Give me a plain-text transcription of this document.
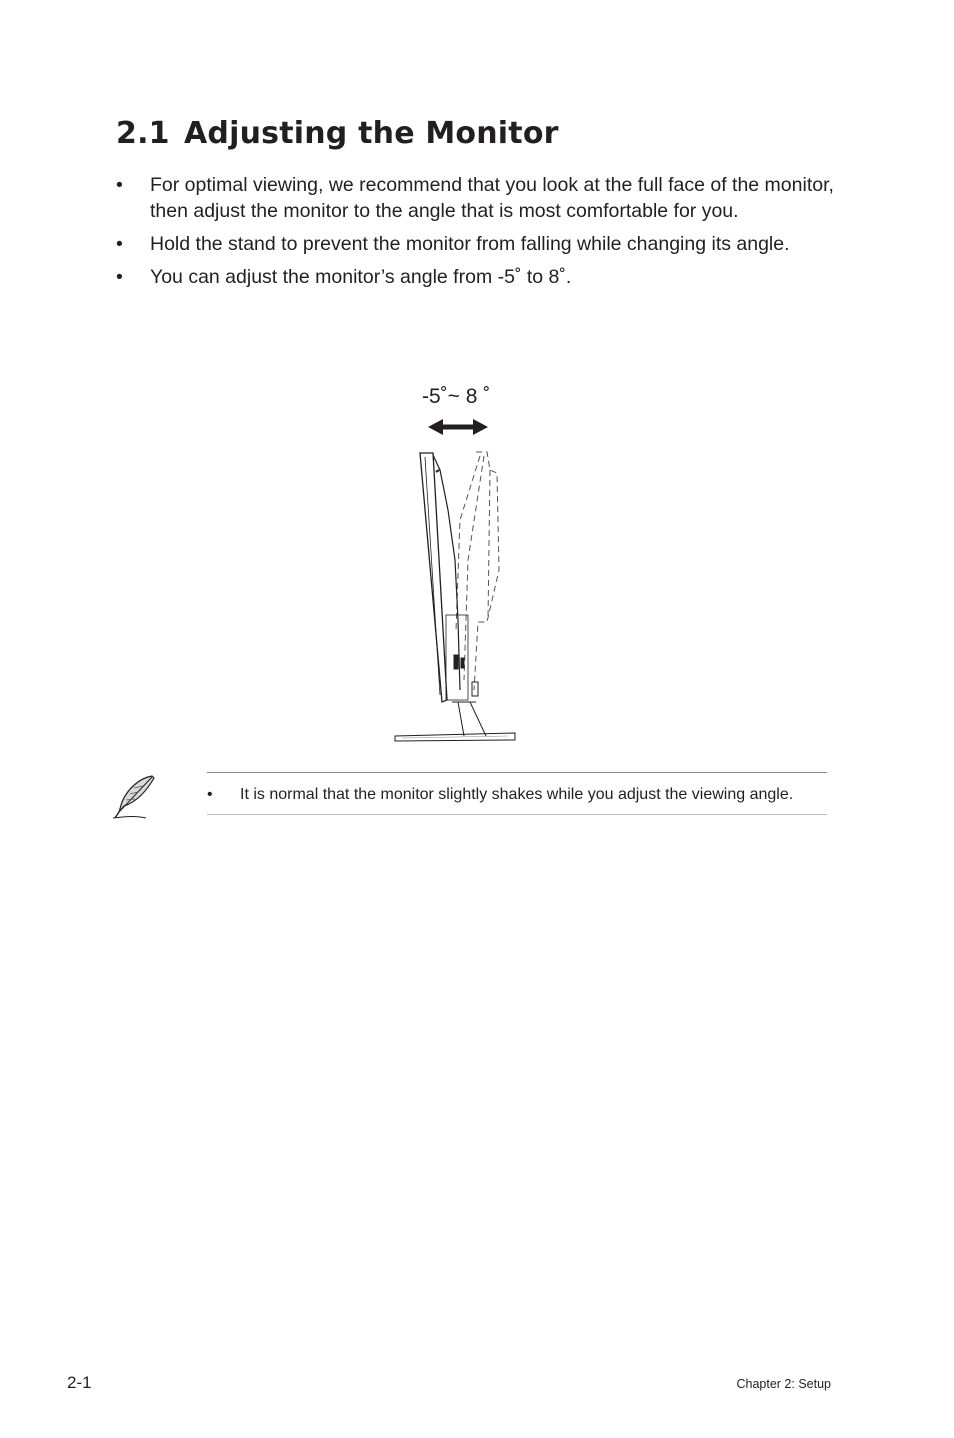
2.1 Adjusting the Monitor
• For optimal viewing, we recommend that you look at the full face of the monitor, then adjust the monitor to the angle that is most comfortable for you.
• Hold the stand to prevent the monitor from falling while changing its angle.
• You can adjust the monitor’s angle from -5˚ to 8˚.
-5˚~ 8 ˚
• It is normal that the monitor slightly shakes while you adjust the viewing angle.
2-1	Chapter 2: Setup
